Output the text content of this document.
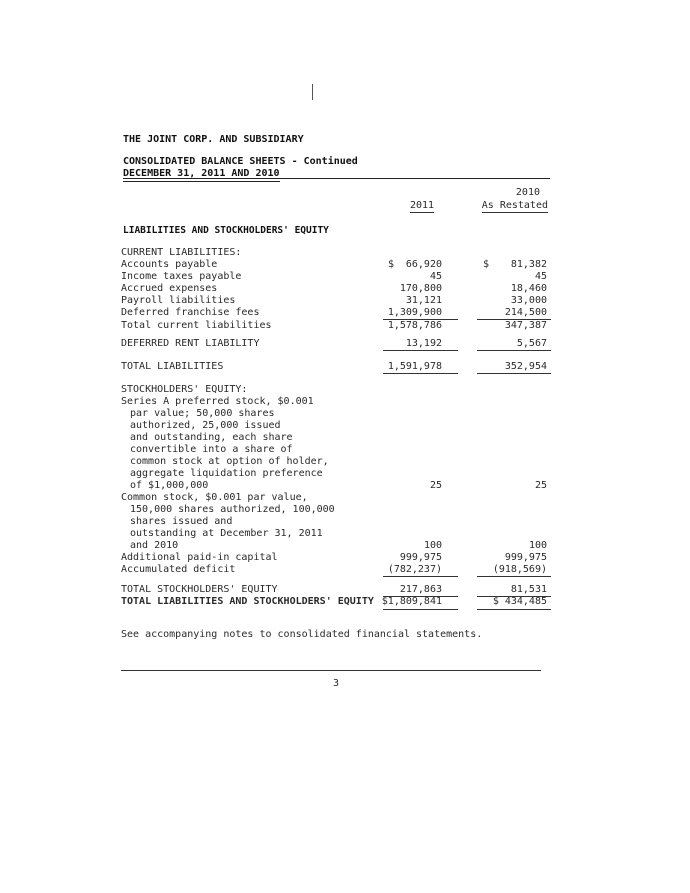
THE JOINT CORP. AND SUBSIDIARY
CONSOLIDATED BALANCE SHEETS - Continued
DECEMBER 31, 2011 AND 2010
2011
2010
As Restated
LIABILITIES AND STOCKHOLDERS' EQUITY
CURRENT LIABILITIES:
Accounts payable	$ 66,920	$ 81,382
Income taxes payable	45	45
Accrued expenses	170,800	18,460
Payroll liabilities	31,121	33,000
Deferred franchise fees	1,309,900	214,500
Total current liabilities	1,578,786	347,387
DEFERRED RENT LIABILITY	13,192	5,567
TOTAL LIABILITIES	1,591,978	352,954
STOCKHOLDERS' EQUITY:
Series A preferred stock, $0.001
par value; 50,000 shares
authorized, 25,000 issued
and outstanding, each share
convertible into a share of
common stock at option of holder,
aggregate liquidation preference
of $1,000,000	25	25
Common stock, $0.001 par value,
150,000 shares authorized, 100,000
shares issued and
outstanding at December 31, 2011
and 2010	100	100
Additional paid-in capital	999,975	999,975
Accumulated deficit	(782,237)	(918,569)
TOTAL STOCKHOLDERS' EQUITY	217,863	81,531
TOTAL LIABILITIES AND STOCKHOLDERS' EQUITY $1,809,841	$ 434,485
See accompanying notes to consolidated financial statements.
3
